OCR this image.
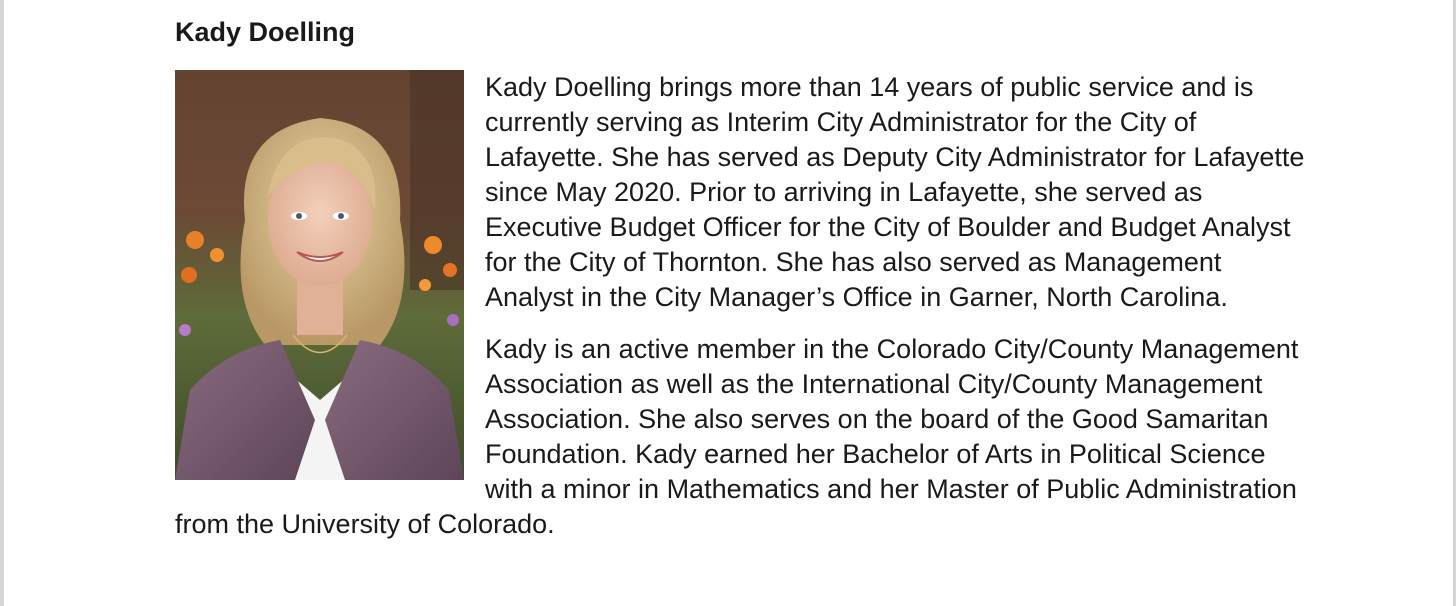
Kady Doelling

Kady Doelling brings more than 14 years of public service and is currently serving as Interim City Administrator for the City of Lafayette. She has served as Deputy City Administrator for Lafayette since May 2020. Prior to arriving in Lafayette, she served as Executive Budget Officer for the City of Boulder and Budget Analyst for the City of Thornton. She has also served as Management Analyst in the City Manager’s Office in Garner, North Carolina.

Kady is an active member in the Colorado City/County Management Association as well as the International City/County Management Association. She also serves on the board of the Good Samaritan Foundation. Kady earned her Bachelor of Arts in Political Science with a minor in Mathematics and her Master of Public Administration from the University of Colorado.
